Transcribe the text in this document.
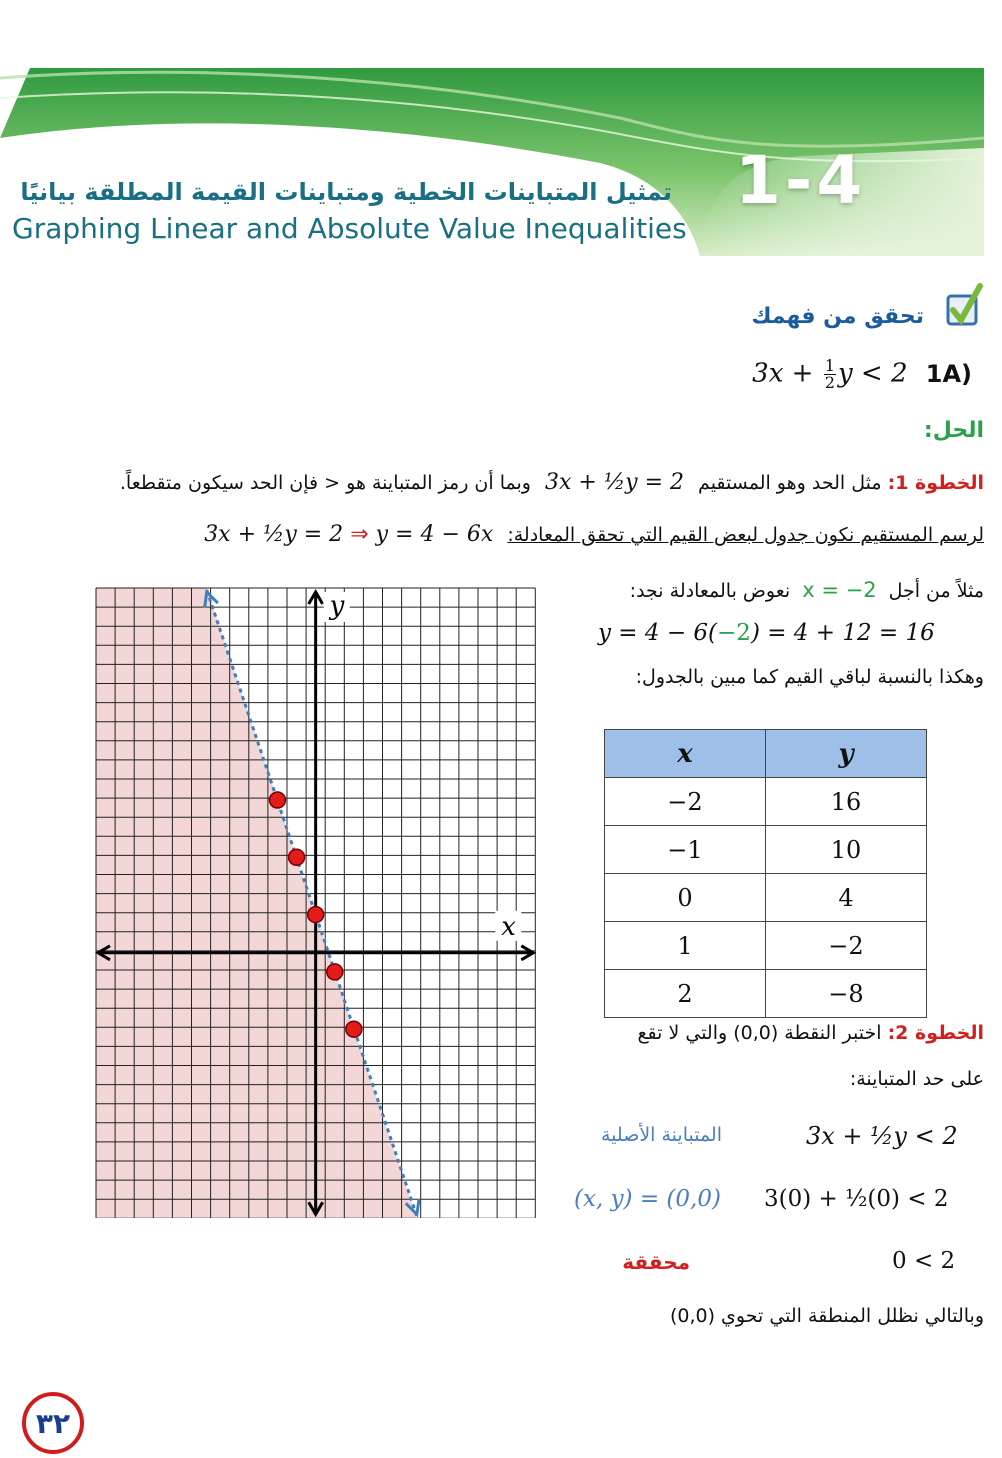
1-4
تمثيل المتباينات الخطية ومتباينات القيمة المطلقة بيانيًا
Graphing Linear and Absolute Value Inequalities
تحقق من فهمك
$3x + \frac{1}{2}$ y < 2 1A)
الحل:
الخطوة 1: مثل الحد وهو المستقيم 3x + ½y = 2 وبما أن رمز المتباينة هو < فإن الحد سيكون متقطعاً.
لرسم المستقيم نكون جدول لبعض القيم التي تحقق المعادلة: 3x + ½y = 2 ⇒ y = 4 − 6x
مثلاً من أجل x = −2 نعوض بالمعادلة نجد:
y = 4 − 6(−2) = 4 + 12 = 16
وهكذا بالنسبة لباقي القيم كما مبين بالجدول:
x	y
−2	16
−1	10
0	4
1	−2
2	−8
الخطوة 2: اختبر النقطة (0,0) والتي لا تقع
على حد المتباينة:
المتباينة الأصلية	3x + ½y < 2
(x, y) = (0,0) 3(0) + ½(0) < 2
محققة	0 < 2
وبالتالي نظلل المنطقة التي تحوي (0,0)
x
y
٣٢
